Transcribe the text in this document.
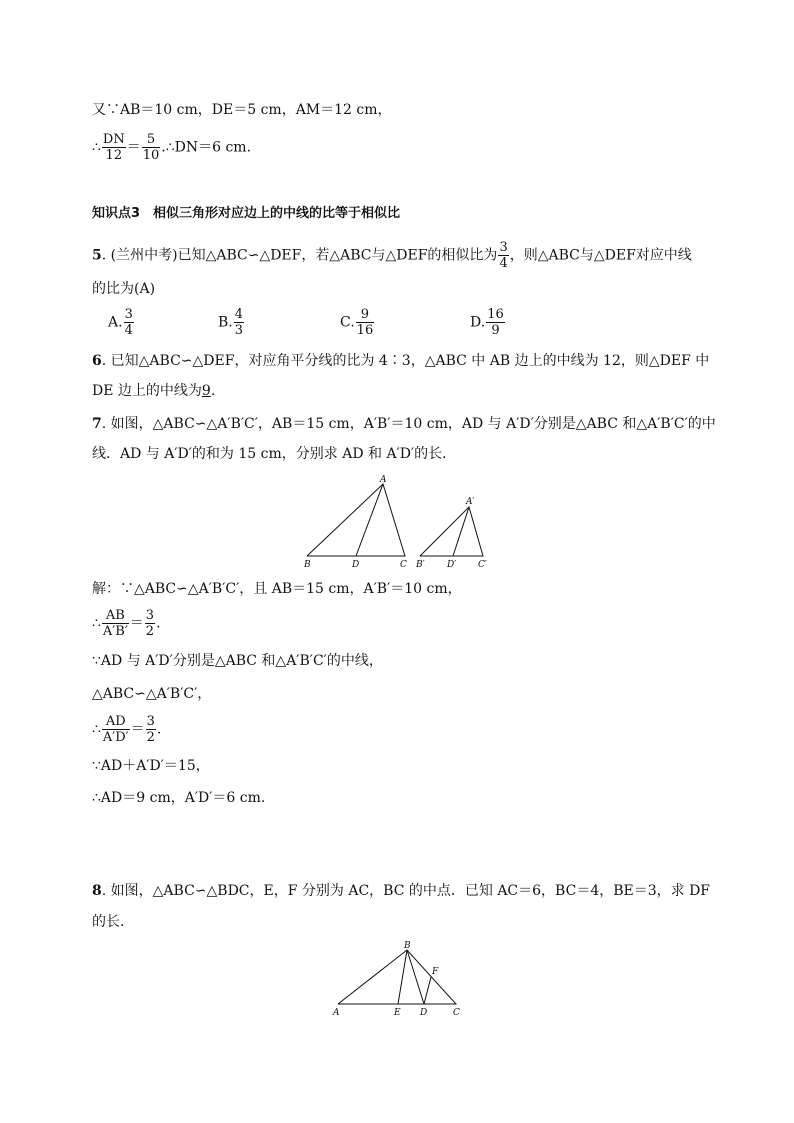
又∵AB＝10 cm，DE＝5 cm，AM＝12 cm，
∴ $\frac{DN}{12} = \frac{5}{10}$ .∴DN＝6 cm.
知识点3　相似三角形对应边上的中线的比等于相似比
5. (兰州中考)已知△ABC∽△DEF，若△ABC与△DEF的相似比为 $\frac{3}{4}$ ，则△ABC与△DEF对应中线
的比为(A)
A. $\frac{3}{4}$	B. $\frac{4}{3}$	C. $\frac{9}{16}$	D. $\frac{16}{9}$
6. 已知△ABC∽△DEF，对应角平分线的比为 4∶3，△ABC 中 AB 边上的中线为 12，则△DEF 中
DE 边上的中线为9.
7. 如图，△ABC∽△A′B′C′，AB＝15 cm，A′B′＝10 cm，AD 与 A′D′分别是△ABC 和△A′B′C′的中
线．AD 与 A′D′的和为 15 cm，分别求 AD 和 A′D′的长．
A
B	D	C
A′
B′ D′ C′
解：∵△ABC∽△A′B′C′，且 AB＝15 cm，A′B′＝10 cm，
∴ $\frac{AB}{A'B'} = \frac{3}{2}$ .
∵AD 与 A′D′分别是△ABC 和△A′B′C′的中线，
△ABC∽△A′B′C′，
∴ $\frac{AD}{A'D'} = \frac{3}{2}$ .
∵AD＋A′D′＝15，
∴AD＝9 cm，A′D′＝6 cm.
8. 如图，△ABC∽△BDC，E，F 分别为 AC，BC 的中点．已知 AC＝6，BC＝4，BE＝3，求 DF
的长．
B
A	E D	C
F
